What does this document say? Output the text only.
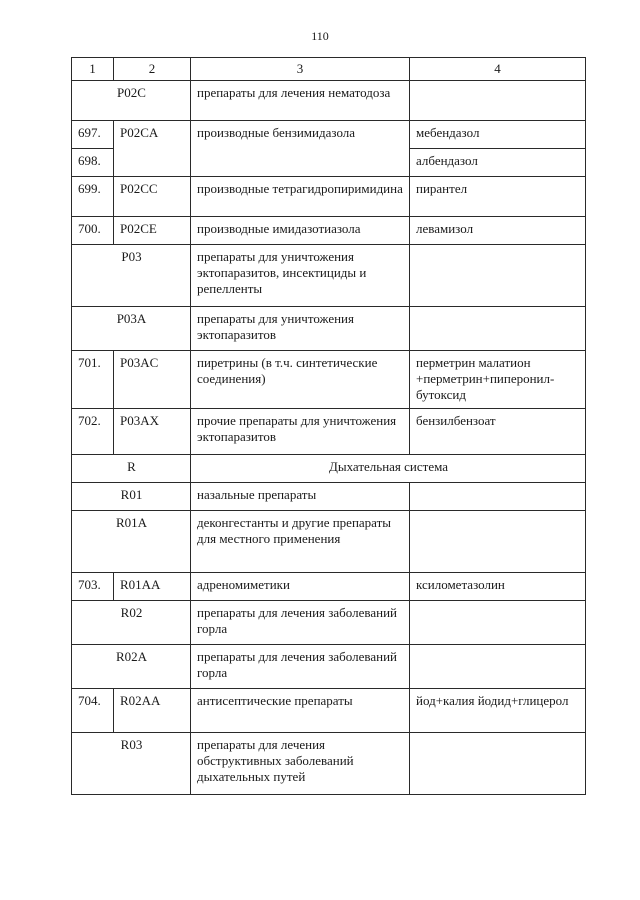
110
1	2	3	4
P02C		препараты для лечения нематодоза	
697.	P02CA	производные бензимидазола	мебендазол
698.			албендазол
699.	P02CC	производные тетрагидропиримидина	пирантел
700.	P02CE	производные имидазотиазола	левамизол
P03		препараты для уничтожения эктопаразитов, инсектициды и репелленты	
P03A		препараты для уничтожения эктопаразитов	
701.	P03AC	пиретрины (в т.ч. синтетические соединения)	перметрин малатион +перметрин+пиперонил-бутоксид
702.	P03AX	прочие препараты для уничтожения эктопаразитов	бензилбензоат
R		Дыхательная система	
R01		назальные препараты	
R01A		деконгестанты и другие препараты для местного применения	
703.	R01AA	адреномиметики	ксилометазолин
R02		препараты для лечения заболеваний горла	
R02A		препараты для лечения заболеваний горла	
704.	R02AA	антисептические препараты	йод+калия йодид+глицерол
R03		препараты для лечения обструктивных заболеваний дыхательных путей	
